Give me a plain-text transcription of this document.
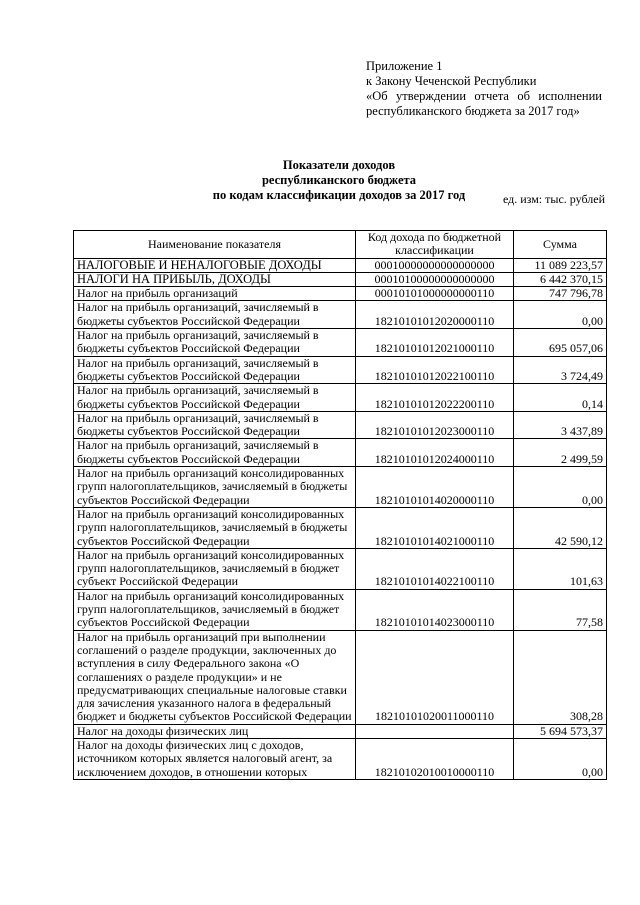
Приложение 1
к Закону Чеченской Республики
«Об утверждении отчета об исполнении
республиканского бюджета за 2017 год»
Показатели доходов
республиканского бюджета
по кодам классификации доходов за 2017 год	ед. изм: тыс. рублей
Наименование показателя	Код дохода по бюджетной классификации	Сумма
НАЛОГОВЫЕ И НЕНАЛОГОВЫЕ ДОХОДЫ	00010000000000000000	11 089 223,57
НАЛОГИ НА ПРИБЫЛЬ, ДОХОДЫ	00010100000000000000	6 442 370,15
Налог на прибыль организаций	00010101000000000110	747 796,78
Налог на прибыль организаций, зачисляемый в бюджеты субъектов Российской Федерации	18210101012020000110	0,00
Налог на прибыль организаций, зачисляемый в бюджеты субъектов Российской Федерации	18210101012021000110	695 057,06
Налог на прибыль организаций, зачисляемый в бюджеты субъектов Российской Федерации	18210101012022100110	3 724,49
Налог на прибыль организаций, зачисляемый в бюджеты субъектов Российской Федерации	18210101012022200110	0,14
Налог на прибыль организаций, зачисляемый в бюджеты субъектов Российской Федерации	18210101012023000110	3 437,89
Налог на прибыль организаций, зачисляемый в бюджеты субъектов Российской Федерации	18210101012024000110	2 499,59
Налог на прибыль организаций консолидированных групп налогоплательщиков, зачисляемый в бюджеты субъектов Российской Федерации	18210101014020000110	0,00
Налог на прибыль организаций консолидированных групп налогоплательщиков, зачисляемый в бюджеты субъектов Российской Федерации	18210101014021000110	42 590,12
Налог на прибыль организаций консолидированных групп налогоплательщиков, зачисляемый в бюджет субъект Российской Федерации	18210101014022100110	101,63
Налог на прибыль организаций консолидированных групп налогоплательщиков, зачисляемый в бюджет субъектов Российской Федерации	18210101014023000110	77,58
Налог на прибыль организаций при выполнении соглашений о разделе продукции, заключенных до вступления в силу Федерального закона «О соглашениях о разделе продукции» и не предусматривающих специальные налоговые ставки для зачисления указанного налога в федеральный бюджет и бюджеты субъектов Российской Федерации	18210101020011000110	308,28
Налог на доходы физических лиц		5 694 573,37
Налог на доходы физических лиц с доходов, источником которых является налоговый агент, за исключением доходов, в отношении которых	18210102010010000110	0,00
